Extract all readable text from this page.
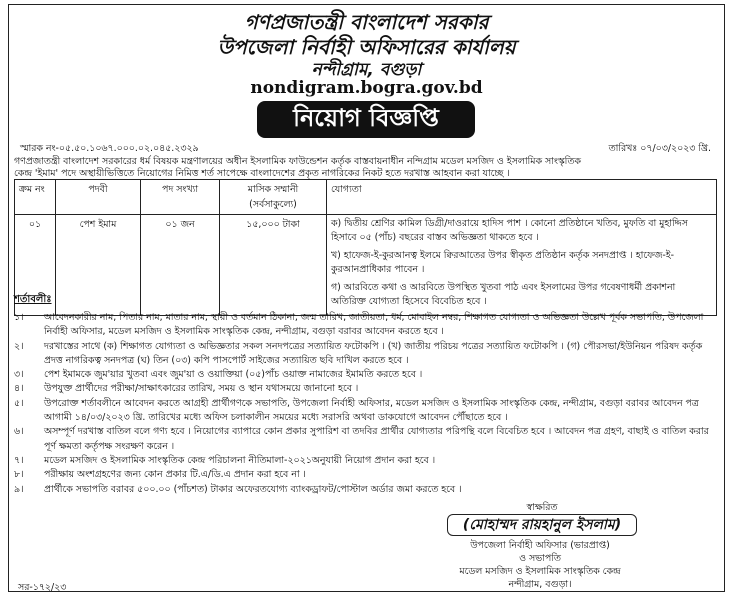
গণপ্রজাতন্ত্রী বাংলাদেশ সরকার
উপজেলা নির্বাহী অফিসারের কার্যালয়
নন্দীগ্রাম, বগুড়া
nondigram.bogra.gov.bd
নিয়োগ বিজ্ঞপ্তি
স্মারক নং-০৫.৫০.১০৬৭.০০০.০২.০৪৫.২৩২৯	তারিখঃ ০৭/০৩/২০২৩ খ্রি.
গণপ্রজাতন্ত্রী বাংলাদেশ সরকারের ধর্ম বিষয়ক মন্ত্রণালয়ের অধীন ইসলামিক ফাউন্ডেশন কর্তৃক বাস্তবায়নাধীন নন্দিগ্রাম মডেল মসজিদ ও ইসলামিক সাংস্কৃতিক
কেন্দ্র 'ইমাম' পদে অস্থায়ীভিত্তিতে নিয়োগের নিমিত্ত শর্ত সাপেক্ষে বাংলাদেশের প্রকৃত নাগরিকের নিকট হতে দরখাস্ত আহবান করা যাচ্ছে ।
ক্রম নং	পদবী	পদ সংখ্যা	মাসিক সম্মানী (সর্বসাকুল্যে)	যোগ্যতা
০১	পেশ ইমাম	০১ জন	১৫,০০০ টাকা	ক) দ্বিতীয় শ্রেণির কামিল ডিগ্রী/দাওরায়ে হাদিস পাশ । কোনো প্রতিষ্ঠানে খতিব, মুফতি বা মুহাদ্দিস হিসাবে ০৫ (পাঁচ) বছরের বাস্তব অভিজ্ঞতা থাকতে হবে ।

খ) হাফেজ-ই-কুরআনত্ব ইলমে ক্বিরআতের উপর স্বীকৃত প্রতিষ্ঠান কর্তৃক সনদপ্রাপ্ত । হাফেজ-ই-কুরআনপ্রাধিকার পাবেন ।

গ) আরবিতে কথা ও আরবিতে উপস্থিত খুতবা পাঠ এবং ইসলামের উপর গবেষণাধর্মী প্রকাশনা অতিরিক্ত যোগ্যতা হিসেবে বিবেচিত হবে ।

শর্তাবলীঃ
১।	আবেদনকারীর নাম, পিতার নাম, মাতার নাম, স্থায়ী ও বর্তমান ঠিকানা, জন্ম তারিখ, জাতীয়তা, ধর্ম, মোবাইল নম্বর, শিক্ষাগত যোগ্যতা ও অভিজ্ঞতা উল্লেখ পূর্বক সভাপতি, উপজেলা নির্বাহী অফিসার, মডেল মসজিদ ও ইসলামিক সাংস্কৃতিক কেন্দ্র, নন্দীগ্রাম, বগুড়া বরাবর আবেদন করতে হবে ।
২।	দরখাস্তের সাথে (ক) শিক্ষাগত যোগ্যতা ও অভিজ্ঞতার সকল সনদপত্রের সত্যায়িত ফটোকপি । (খ) জাতীয় পরিচয় পত্রের সত্যায়িত ফটোকপি । (গ) পৌরসভা/ইউনিয়ন পরিষদ কর্তৃক প্রদত্ত নাগরিকত্ব সনদপত্র (ঘ) তিন (০৩) কপি পাসপোর্ট সাইজের সত্যায়িত ছবি দাখিল করতে হবে ।
৩।	পেশ ইমামকে জুম'য়ার খুতবা এবং জুম'য়া ও ওয়াক্তিয়া (০৫)পাঁচ ওয়াক্ত নামাজের ইমামতি করতে হবে ।
৪।	উপযুক্ত প্রার্থীদের পরীক্ষা/সাক্ষাৎকারের তারিখ, সময় ও স্থান যথাসময়ে জানানো হবে ।
৫।	উপরোক্ত শর্তাবলীনে আবেদন করতে আগ্রহী প্রার্থীগণকে সভাপতি, উপজেলা নির্বাহী অফিসার, মডেল মসজিদ ও ইসলামিক সাংস্কৃতিক কেন্দ্র, নন্দীগ্রাম, বগুড়া বরাবর আবেদন পত্র আগামী ১৪/০৩/২০২৩ খ্রি. তারিখের মধ্যে অফিস চলাকালীন সময়ের মধ্যে সরাসরি অথবা ডাকযোগে আবেদন পৌঁছাতে হবে ।
৬।	অসম্পূর্ণ দরখাস্ত বাতিল বলে গণ্য হবে । নিয়োগের ব্যাপারে কোন প্রকার সুপারিশ বা তদবির প্রার্থীর যোগ্যতার পরিপন্থি বলে বিবেচিত হবে । আবেদন পত্র গ্রহণ, বাছাই ও বাতিল করার পূর্ণ ক্ষমতা কর্তৃপক্ষ সংরক্ষণ করেন ।
৭।	মডেল মসজিদ ও ইসলামিক সাংস্কৃতিক কেন্দ্র পরিচালনা নীতিমালা-২০২১অনুযায়ী নিয়োগ প্রদান করা হবে ।
৮।	পরীক্ষায় অংশগ্রহণের জন্য কোন প্রকার টি.এ/ডি.এ প্রদান করা হবে না ।
৯।	প্রার্থীকে সভাপতি বরাবর ৫০০.০০ (পাঁচশত) টাকার অফেরতযোগ্য ব্যাংকড্রাফট/পোস্টাল অর্ডার জমা করতে হবে ।
স্বাক্ষরিত
(মোহাম্মদ রায়হানুল ইসলাম)
উপজেলা নির্বাহী অফিসার (ভারপ্রাপ্ত)
ও সভাপতি
মডেল মসজিদ ও ইসলামিক সাংস্কৃতিক কেন্দ্র
নন্দীগ্রাম, বগুড়া।
সর-১৭২/২৩
